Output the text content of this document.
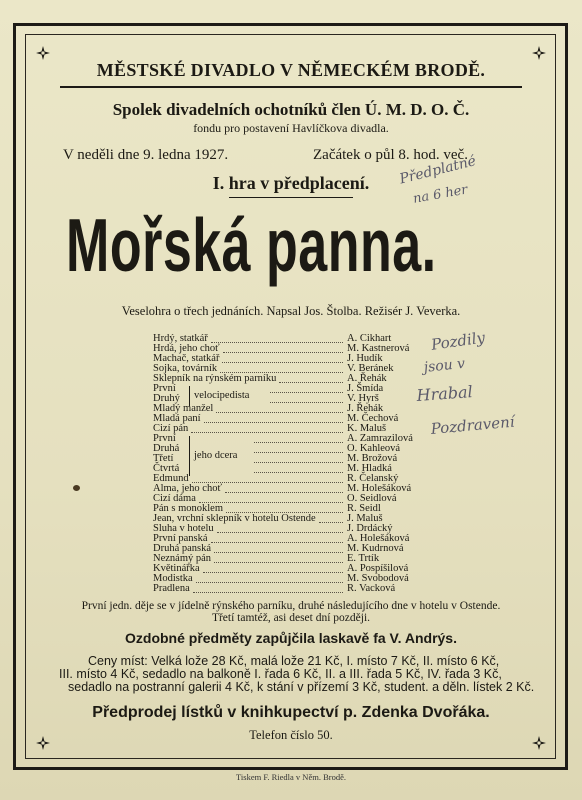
MĚSTSKÉ DIVADLO V NĚMECKÉM BRODĚ.
Spolek divadelních ochotníků člen Ú. M. D. O. Č.
fondu pro postavení Havlíčkova divadla.
V neděli dne 9. ledna 1927.	Začátek o půl 8. hod. več.
I. hra v předplacení.
Mořská panna.
Veselohra o třech jednáních. Napsal Jos. Štolba. Režisér J. Veverka.
Hrdý, statkář	A. Cikhart
Hrdá, jeho choť	M. Kastnerová
Machač, statkář	J. Hudík
Sojka, továrník	V. Beránek
Sklepník na rýnském parníku	A. Řehák
První	J. Šmída
Druhý	V. Hyrš
Mladý manžel	J. Řehák
Mladá paní	M. Čechová
Cizí pán	K. Maluš
První	A. Zamrazilová
Druhá	O. Kahleová
Třetí	M. Brožová
Čtvrtá	M. Hladká
Edmund	R. Čelanský
Alma, jeho choť	M. Holešáková
Cizí dáma	O. Seidlová
Pán s monoklem	R. Seidl
Jean, vrchní sklepník v hotelu Ostende	J. Maluš
Sluha v hotelu	J. Drdácký
První panská	A. Holešáková
Druhá panská	M. Kudrnová
Neznámý pán	E. Trtík
Květinářka	A. Pospíšilová
Modistka	M. Svobodová
Pradlena	R. Vacková
velocipedista
jeho dcera
První jedn. děje se v jídelně rýnského parníku, druhé následujícího dne v hotelu v Ostende.
Třetí tamtéž, asi deset dní později.
Ozdobné předměty zapůjčila laskavě fa V. Andrýs.
Ceny míst: Velká lože 28 Kč, malá lože 21 Kč, I. místo 7 Kč, II. místo 6 Kč,
III. místo 4 Kč, sedadlo na balkoně I. řada 6 Kč, II. a III. řada 5 Kč, IV. řada 3 Kč,
sedadlo na postranní galerii 4 Kč, k stání v přízemí 3 Kč, student. a děln. lístek 2 Kč.
Předprodej lístků v knihkupectví p. Zdenka Dvořáka.
Telefon číslo 50.
Tiskem F. Riedla v Něm. Brodě.
Předplatné
na 6 her
Pozdily
jsou v
Hrabal
Pozdravení
